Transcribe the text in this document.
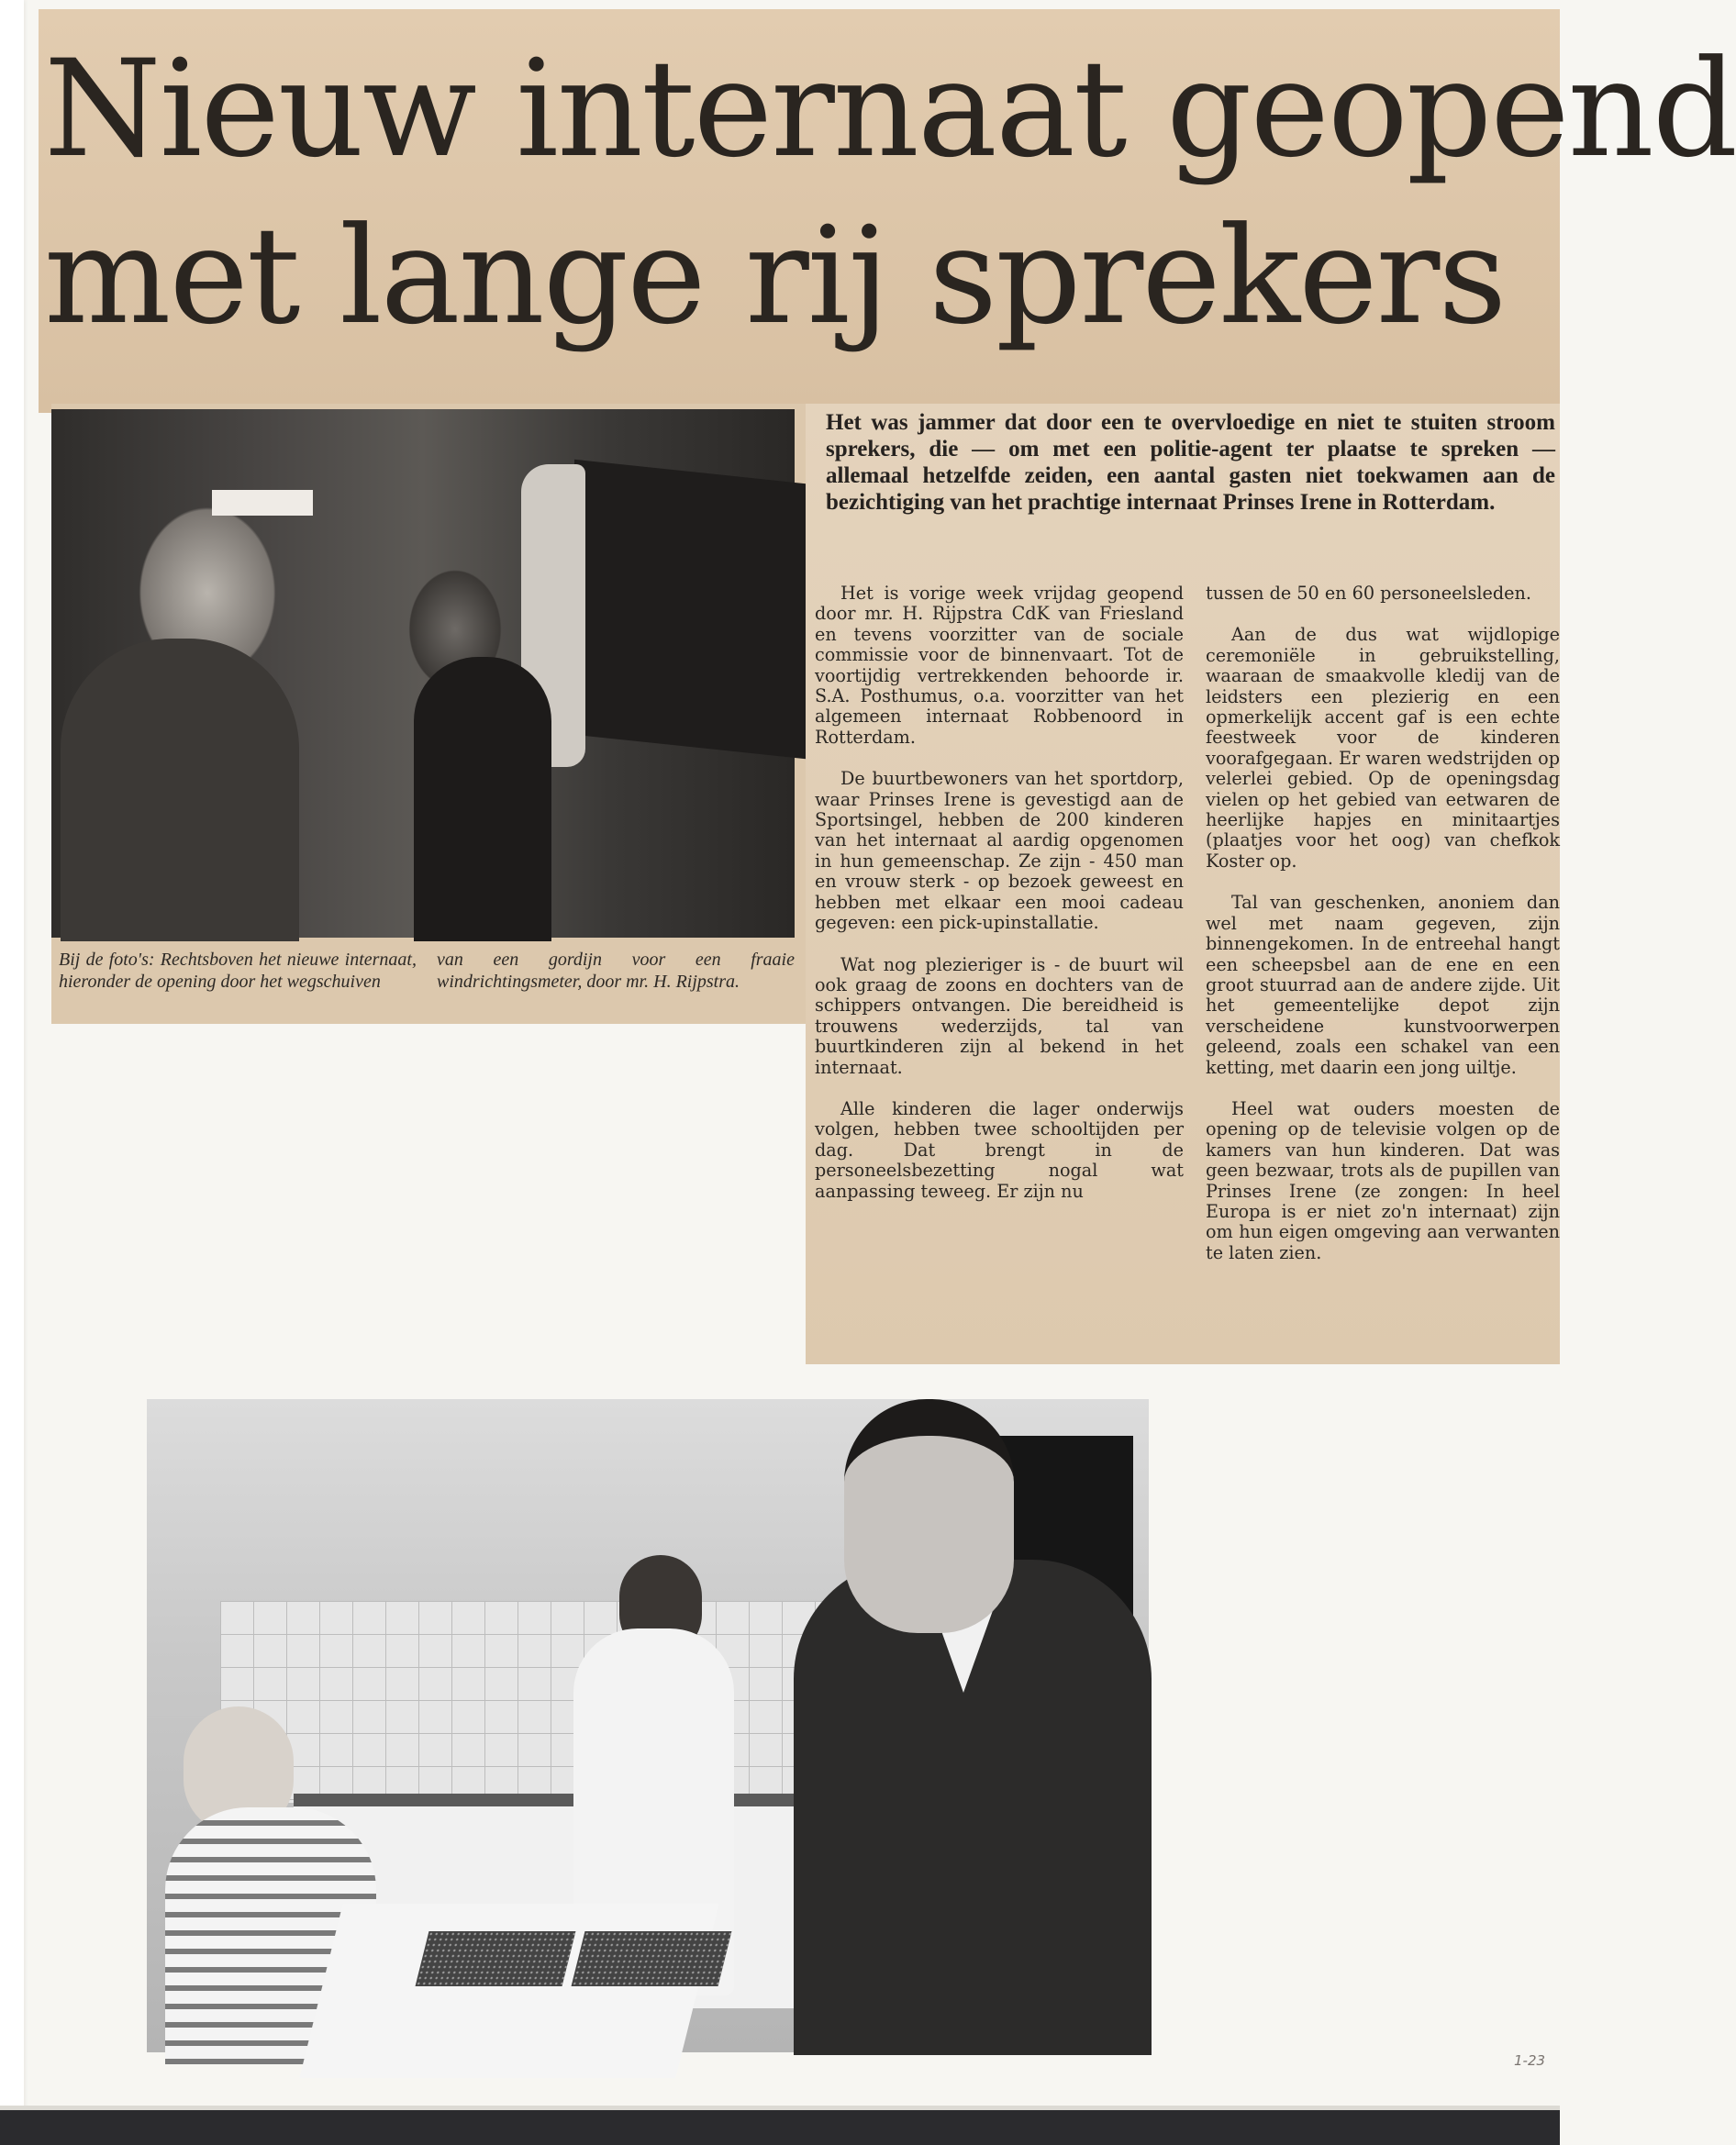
Nieuw internaat geopend
met lange rij sprekers
Bij de foto's: Rechtsboven het nieuwe internaat, hieronder de opening door het wegschuiven
van een gordijn voor een fraaie windrichtingsmeter, door mr. H. Rijpstra.
Het was jammer dat door een te overvloedige en niet te stuiten stroom sprekers, die — om met een politie-agent ter plaatse te spreken — allemaal hetzelfde zeiden, een aantal gasten niet toekwamen aan de bezichtiging van het prachtige internaat Prinses Irene in Rotterdam.

Het is vorige week vrijdag geopend door mr. H. Rijpstra CdK van Friesland en tevens voorzitter van de sociale commissie voor de binnenvaart. Tot de voortijdig vertrekkenden behoorde ir. S.A. Posthumus, o.a. voorzitter van het algemeen internaat Robbenoord in Rotterdam.

De buurtbewoners van het sportdorp, waar Prinses Irene is gevestigd aan de Sportsingel, hebben de 200 kinderen van het internaat al aardig opgenomen in hun gemeenschap. Ze zijn - 450 man en vrouw sterk - op bezoek geweest en hebben met elkaar een mooi cadeau gegeven: een pick-upinstallatie.

Wat nog plezieriger is - de buurt wil ook graag de zoons en dochters van de schippers ontvangen. Die bereidheid is trouwens wederzijds, tal van buurtkinderen zijn al bekend in het internaat.

Alle kinderen die lager onderwijs volgen, hebben twee schooltijden per dag. Dat brengt in de personeelsbezetting nogal wat aanpassing teweeg. Er zijn nu

tussen de 50 en 60 personeelsleden.

Aan de dus wat wijdlopige ceremoniële in gebruikstelling, waaraan de smaakvolle kledij van de leidsters een plezierig en een opmerkelijk accent gaf is een echte feestweek voor de kinderen voorafgegaan. Er waren wedstrijden op velerlei gebied. Op de openingsdag vielen op het gebied van eetwaren de heerlijke hapjes en minitaartjes (plaatjes voor het oog) van chefkok Koster op.

Tal van geschenken, anoniem dan wel met naam gegeven, zijn binnengekomen. In de entreehal hangt een scheepsbel aan de ene en een groot stuurrad aan de andere zijde. Uit het gemeentelijke depot zijn verscheidene kunstvoorwerpen geleend, zoals een schakel van een ketting, met daarin een jong uiltje.

Heel wat ouders moesten de opening op de televisie volgen op de kamers van hun kinderen. Dat was geen bezwaar, trots als de pupillen van Prinses Irene (ze zongen: In heel Europa is er niet zo'n internaat) zijn om hun eigen omgeving aan verwanten te laten zien.

1-23
